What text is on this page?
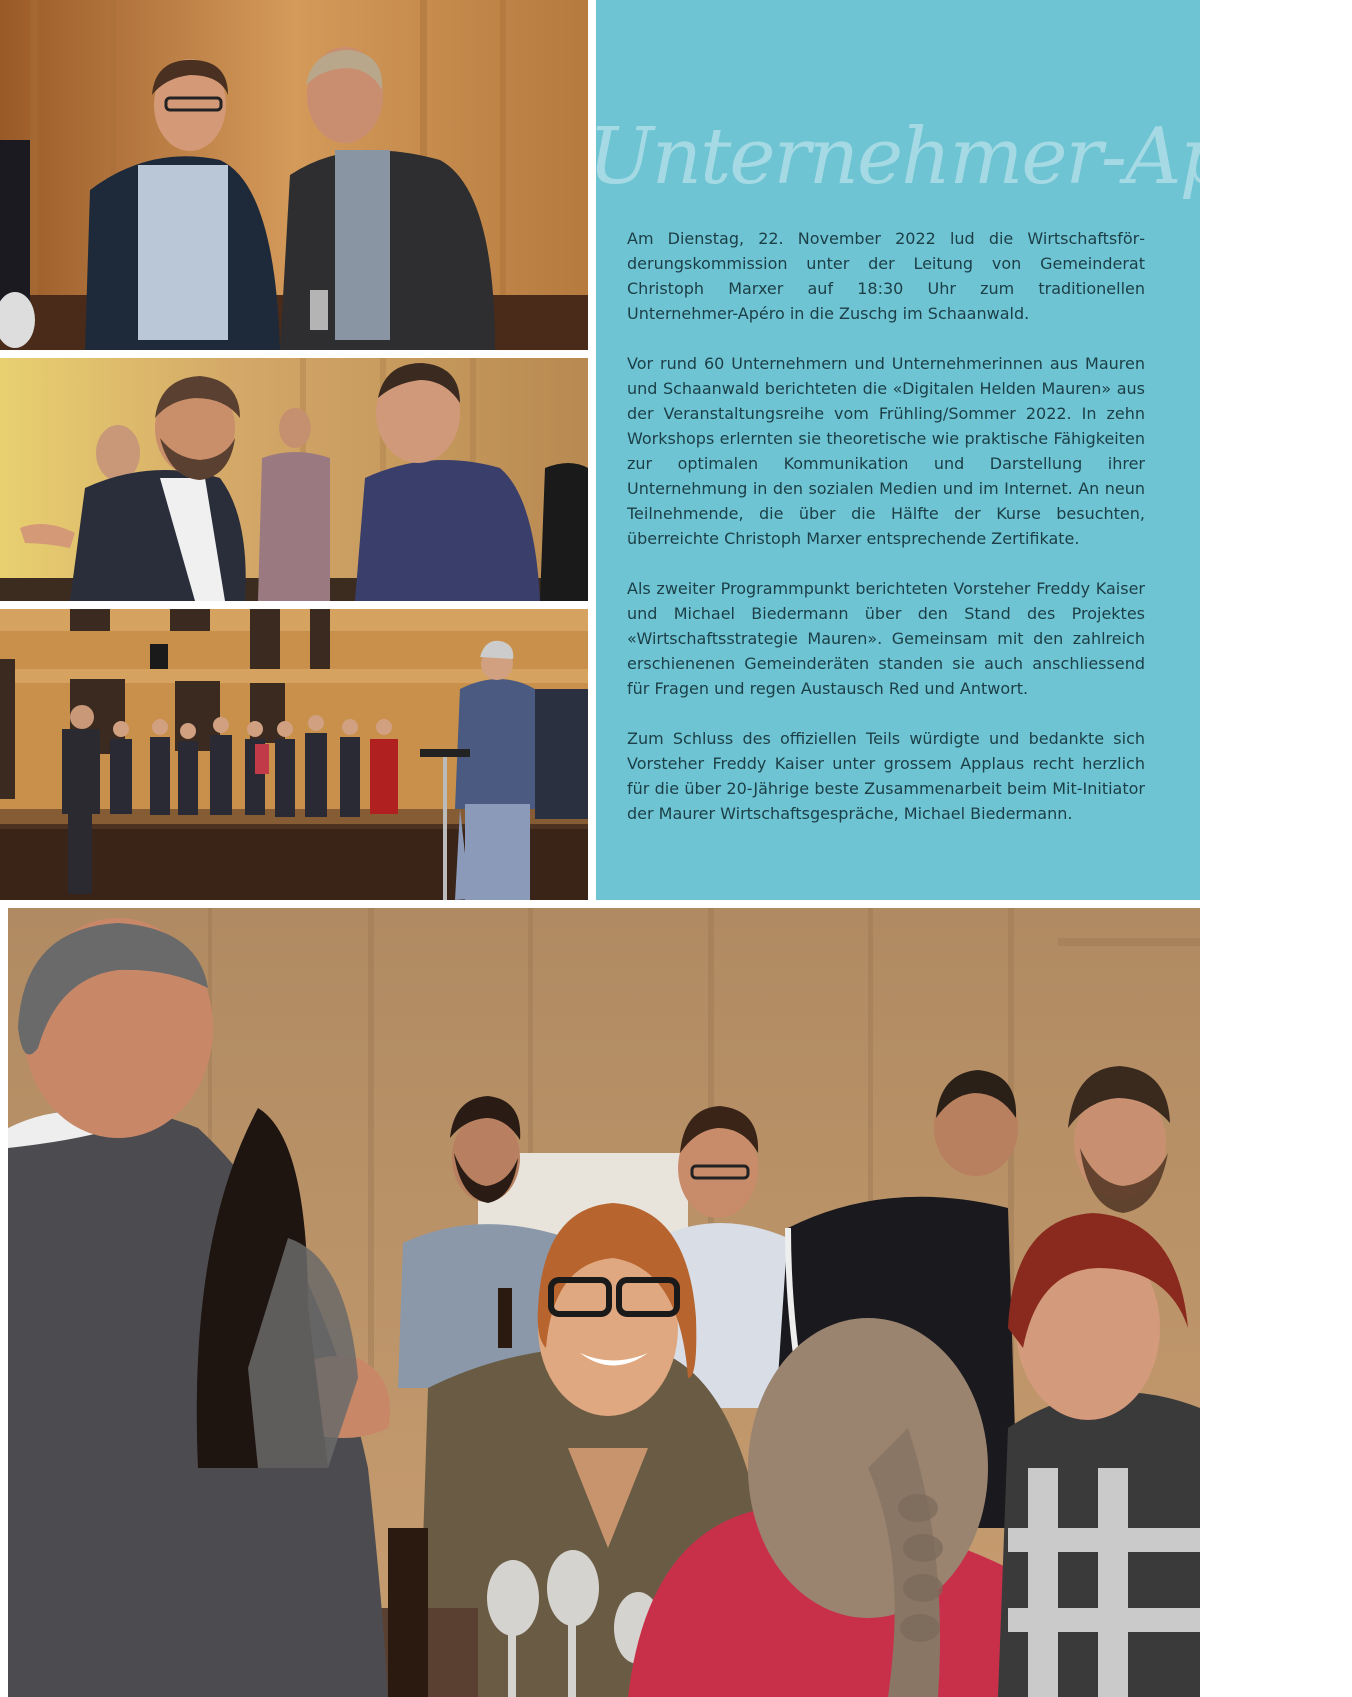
Unternehmer-Apéro

Am Dienstag, 22. November 2022 lud die Wirtschaftsförderungskommission unter der Leitung von Gemeinderat Christoph Marxer auf 18:30 Uhr zum traditionellen Unternehmer-Apéro in die Zuschg im Schaanwald.

Vor rund 60 Unternehmern und Unternehmerinnen aus Mauren und Schaanwald berichteten die «Digitalen Helden Mauren» aus der Veranstaltungsreihe vom Frühling/Sommer 2022. In zehn Workshops erlernten sie theoretische wie praktische Fähigkeiten zur optimalen Kommunikation und Darstellung ihrer Unternehmung in den sozialen Medien und im Internet. An neun Teilnehmende, die über die Hälfte der Kurse besuchten, überreichte Christoph Marxer entsprechende Zertifikate.

Als zweiter Programmpunkt berichteten Vorsteher Freddy Kaiser und Michael Biedermann über den Stand des Projektes «Wirtschaftsstrategie Mauren». Gemeinsam mit den zahlreich erschienenen Gemeinderäten standen sie auch anschliessend für Fragen und regen Austausch Red und Antwort.

Zum Schluss des offiziellen Teils würdigte und bedankte sich Vorsteher Freddy Kaiser unter grossem Applaus recht herzlich für die über 20-Jährige beste Zusammenarbeit beim Mit-Initiator der Maurer Wirtschaftsgespräche, Michael Biedermann.
